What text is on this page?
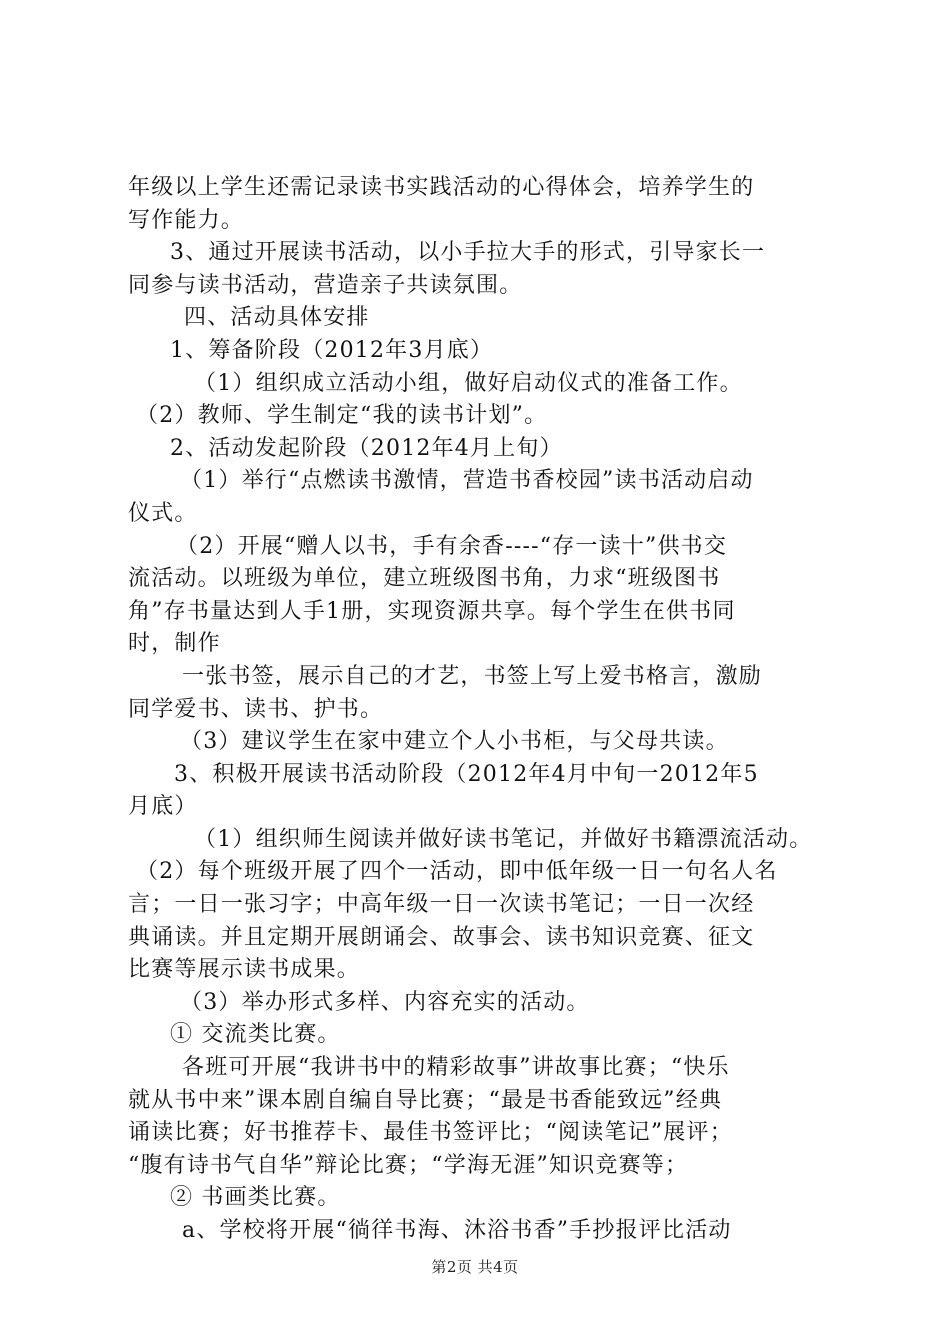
年级以上学生还需记录读书实践活动的心得体会，培养学生的
写作能力。
3、通过开展读书活动，以小手拉大手的形式，引导家长一
同参与读书活动，营造亲子共读氛围。
四、活动具体安排
1、筹备阶段（2012年3月底）
（1）组织成立活动小组，做好启动仪式的准备工作。
（2）教师、学生制定“我的读书计划”。
2、活动发起阶段（2012年4月上旬）
（1）举行“点燃读书激情，营造书香校园”读书活动启动
仪式。
（2）开展“赠人以书，手有余香----“存一读十”供书交
流活动。以班级为单位，建立班级图书角，力求“班级图书
角”存书量达到人手1册，实现资源共享。每个学生在供书同
时，制作
一张书签，展示自己的才艺，书签上写上爱书格言，激励
同学爱书、读书、护书。
（3）建议学生在家中建立个人小书柜，与父母共读。
3、积极开展读书活动阶段（2012年4月中旬一2012年5
月底）
（1）组织师生阅读并做好读书笔记，并做好书籍漂流活动。
（2）每个班级开展了四个一活动，即中低年级一日一句名人名
言；一日一张习字；中高年级一日一次读书笔记；一日一次经
典诵读。并且定期开展朗诵会、故事会、读书知识竞赛、征文
比赛等展示读书成果。
（3）举办形式多样、内容充实的活动。
① 交流类比赛。
各班可开展“我讲书中的精彩故事”讲故事比赛；“快乐
就从书中来”课本剧自编自导比赛；“最是书香能致远”经典
诵读比赛；好书推荐卡、最佳书签评比；“阅读笔记”展评；
“腹有诗书气自华”辩论比赛；“学海无涯”知识竞赛等；
② 书画类比赛。
a、学校将开展“徜徉书海、沐浴书香”手抄报评比活动
第2页 共4页
